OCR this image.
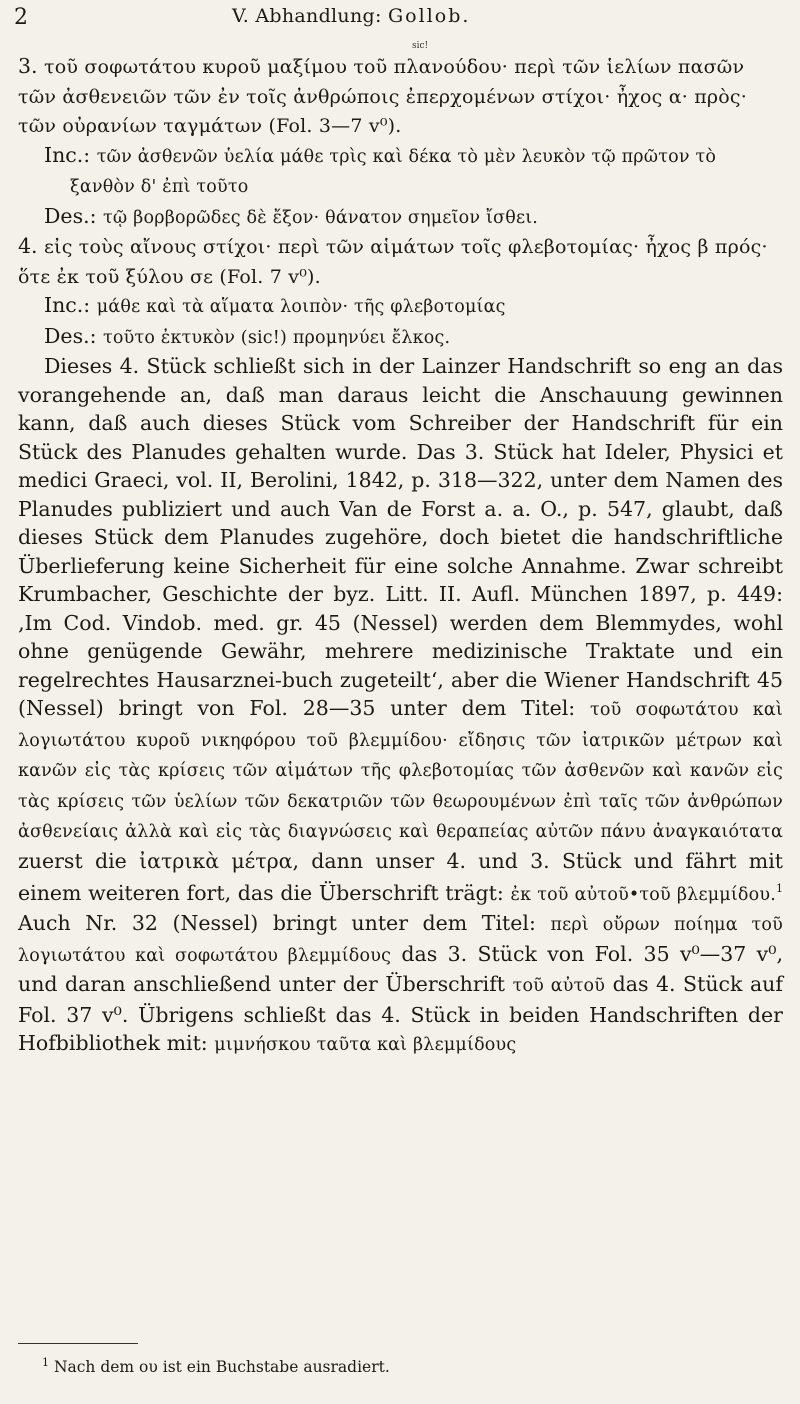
2	V. Abhandlung: Gollob.
sic!

3. τοῦ σοφωτάτου κυροῦ μαξίμου τοῦ πλανούδου· περὶ τῶν ἱελίων πασῶν τῶν ἀσθενειῶν τῶν ἐν τοῖς ἀνθρώποις ἐπερχομένων στίχοι· ἦχος α· πρὸς· τῶν οὐρανίων ταγμάτων (Fol. 3—7 v⁰).

Inc.: τῶν ἀσθενῶν ὑελία μάθε τρὶς καὶ δέκα τὸ μὲν λευκὸν τῷ πρῶτον τὸ ξανθὸν δ' ἐπὶ τοῦτο

Des.: τῷ βορβορῶδες δὲ ἔξον· θάνατον σημεῖον ἴσθει.

4. εἰς τοὺς αἴνους στίχοι· περὶ τῶν αἱμάτων τοῖς φλεβοτομίας· ἦχος β πρός· ὅτε ἐκ τοῦ ξύλου σε (Fol. 7 v⁰).

Inc.: μάθε καὶ τὰ αἵματα λοιπὸν· τῆς φλεβοτομίας

Des.: τοῦτο ἐκτυκὸν (sic!) προμηνύει ἔλκος.

Dieses 4. Stück schließt sich in der Lainzer Handschrift so eng an das vorangehende an, daß man daraus leicht die Anschauung gewinnen kann, daß auch dieses Stück vom Schreiber der Handschrift für ein Stück des Planudes gehalten wurde. Das 3. Stück hat Ideler, Physici et medici Graeci, vol. II, Berolini, 1842, p. 318—322, unter dem Namen des Planudes publiziert und auch Van de Forst a. a. O., p. 547, glaubt, daß dieses Stück dem Planudes zugehöre, doch bietet die handschriftliche Überlieferung keine Sicherheit für eine solche Annahme. Zwar schreibt Krumbacher, Geschichte der byz. Litt. II. Aufl. München 1897, p. 449: ‚Im Cod. Vindob. med. gr. 45 (Nessel) werden dem Blemmydes, wohl ohne genügende Gewähr, mehrere medizinische Traktate und ein regelrechtes Hausarznei-buch zugeteilt‘, aber die Wiener Handschrift 45 (Nessel) bringt von Fol. 28—35 unter dem Titel: τοῦ σοφωτάτου καὶ λογιωτάτου κυροῦ νικηφόρου τοῦ βλεμμίδου· εἴδησις τῶν ἰατρικῶν μέτρων καὶ κανῶν εἰς τὰς κρίσεις τῶν αἱμάτων τῆς φλεβοτομίας τῶν ἀσθενῶν καὶ κανῶν εἰς τὰς κρίσεις τῶν ὑελίων τῶν δεκατριῶν τῶν θεωρουμένων ἐπὶ ταῖς τῶν ἀνθρώπων ἀσθενείαις ἀλλὰ καὶ εἰς τὰς διαγνώσεις καὶ θεραπείας αὐτῶν πάνυ ἀναγκαιότατα zuerst die ἰατρικὰ μέτρα, dann unser 4. und 3. Stück und fährt mit einem weiteren fort, das die Überschrift trägt: ἐκ τοῦ αὐτοῦ•τοῦ βλεμμίδου.$^1$ Auch Nr. 32 (Nessel) bringt unter dem Titel: περὶ οὔρων ποίημα τοῦ λογιωτάτου καὶ σοφωτάτου βλεμμίδους das 3. Stück von Fol. 35 v⁰—37 v⁰, und daran anschließend unter der Überschrift τοῦ αὐτοῦ das 4. Stück auf Fol. 37 v⁰. Übrigens schließt das 4. Stück in beiden Handschriften der Hofbibliothek mit: μιμνήσκου ταῦτα καὶ βλεμμίδους

$^1$ Nach dem ου ist ein Buchstabe ausradiert.
